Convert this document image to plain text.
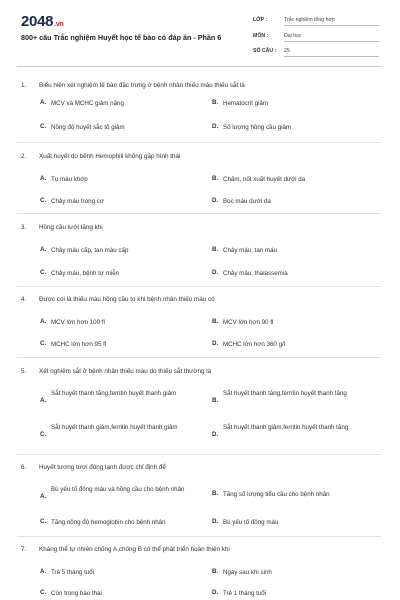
2048.vn
800+ câu Trắc nghiệm Huyết học tế bào có đáp án - Phần 6
LỚP :	Trắc nghiệm tổng hợp
MÔN :	Đại học
SỐ CÂU : 25
1. Biểu hiện xét nghiệm tế bào đặc trưng ở bệnh nhân thiếu máu thiếu sắt là
A. MCV và MCHC giảm nặng	B. Hematocrit giảm
C. Nồng độ huyết sắc tố giảm	D. Số lượng hồng cầu giảm
2. Xuất huyết do bệnh Hemophili không gặp hình thái
A. Tụ máu khớp	B. Chấm, nốt xuất huyết dưới da
C. Chảy máu trong cơ	D. Bọc máu dưới da
3. Hồng cầu lưới tăng khi
A. Chảy máu cấp, tan máu cấp	B. Chảy máu, tan máu
C. Chảy máu, bệnh tự miễn	D. Chảy máu, thalassemia
4. Được coi là thiếu máu hồng cầu to khi bệnh nhân thiếu máu có
A. MCV lớn hơn 100 fl	B. MCV lớn hơn 90 fl
C. MCHC lớn hơn 95 fl	D. MCHC lớn hơn 360 g/l
5. Xét nghiệm sắt ở bệnh nhân thiếu máu do thiếu sắt thường là
A.
Sắt huyết thanh tăng,ferritin huyết thanh giảm
B.
Sắt huyết thanh tăng,ferritin huyết thanh tăng
C.
Sắt huyết thanh giảm,ferritin huyết thanh giảm
D.
Sắt huyết thanh giảm,ferritin huyết thanh tăng
6. Huyết tương tươi đông lạnh được chỉ định để
A.
Bù yếu tố đông máu và hồng cầu cho bệnh nhân
B. Tăng số lượng tiểu cầu cho bệnh nhân
C. Tăng nồng độ hemoglobin cho bệnh nhân	D. Bù yếu tố đông máu
7. Kháng thể tự nhiên chống A,chống B có thể phát triển hoàn thiện khi
A. Trẻ 5 tháng tuổi	B. Ngay sau khi sinh
C. Còn trong bào thai	D. Trẻ 1 tháng tuổi
